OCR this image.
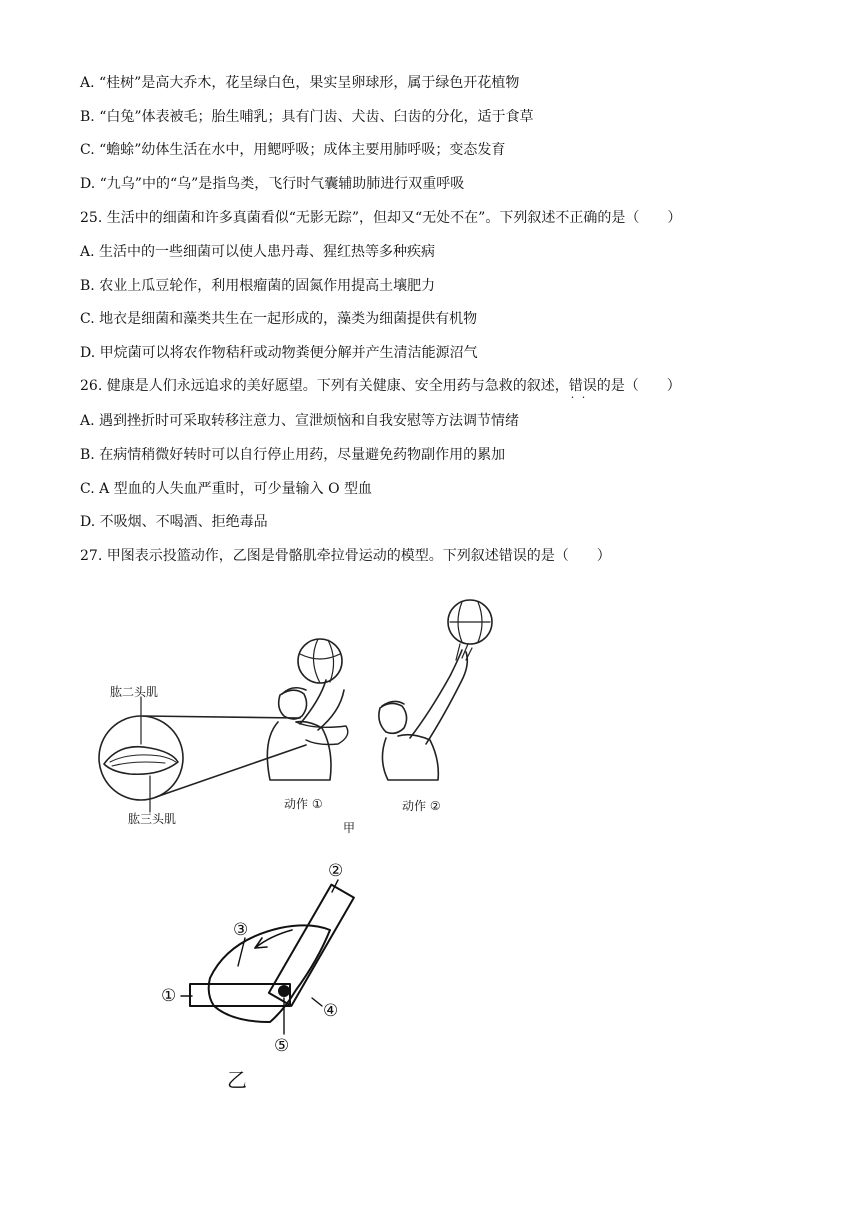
A. “桂树”是高大乔木，花呈绿白色，果实呈卵球形，属于绿色开花植物
B. “白兔”体表被毛；胎生哺乳；具有门齿、犬齿、臼齿的分化，适于食草
C. “蟾蜍”幼体生活在水中，用鳃呼吸；成体主要用肺呼吸；变态发育
D. “九乌”中的“乌”是指鸟类，飞行时气囊辅助肺进行双重呼吸
25. 生活中的细菌和许多真菌看似“无影无踪”，但却又“无处不在”。下列叙述不正确的是（　　）
A. 生活中的一些细菌可以使人患丹毒、猩红热等多种疾病
B. 农业上瓜豆轮作，利用根瘤菌的固氮作用提高土壤肥力
C. 地衣是细菌和藻类共生在一起形成的，藻类为细菌提供有机物
D. 甲烷菌可以将农作物秸秆或动物粪便分解并产生清洁能源沼气
26. 健康是人们永远追求的美好愿望。下列有关健康、安全用药与急救的叙述，错误 · ·的是（　　）
A. 遇到挫折时可采取转移注意力、宣泄烦恼和自我安慰等方法调节情绪
B. 在病情稍微好转时可以自行停止用药，尽量避免药物副作用的累加
C. A 型血的人失血严重时，可少量输入 O 型血
D. 不吸烟、不喝酒、拒绝毒品
27. 甲图表示投篮动作，乙图是骨骼肌牵拉骨运动的模型。下列叙述错误的是（　　）
肱二头肌
肱三头肌
动作 ①	动作 ②
甲
①
②
③
④
⑤
乙
